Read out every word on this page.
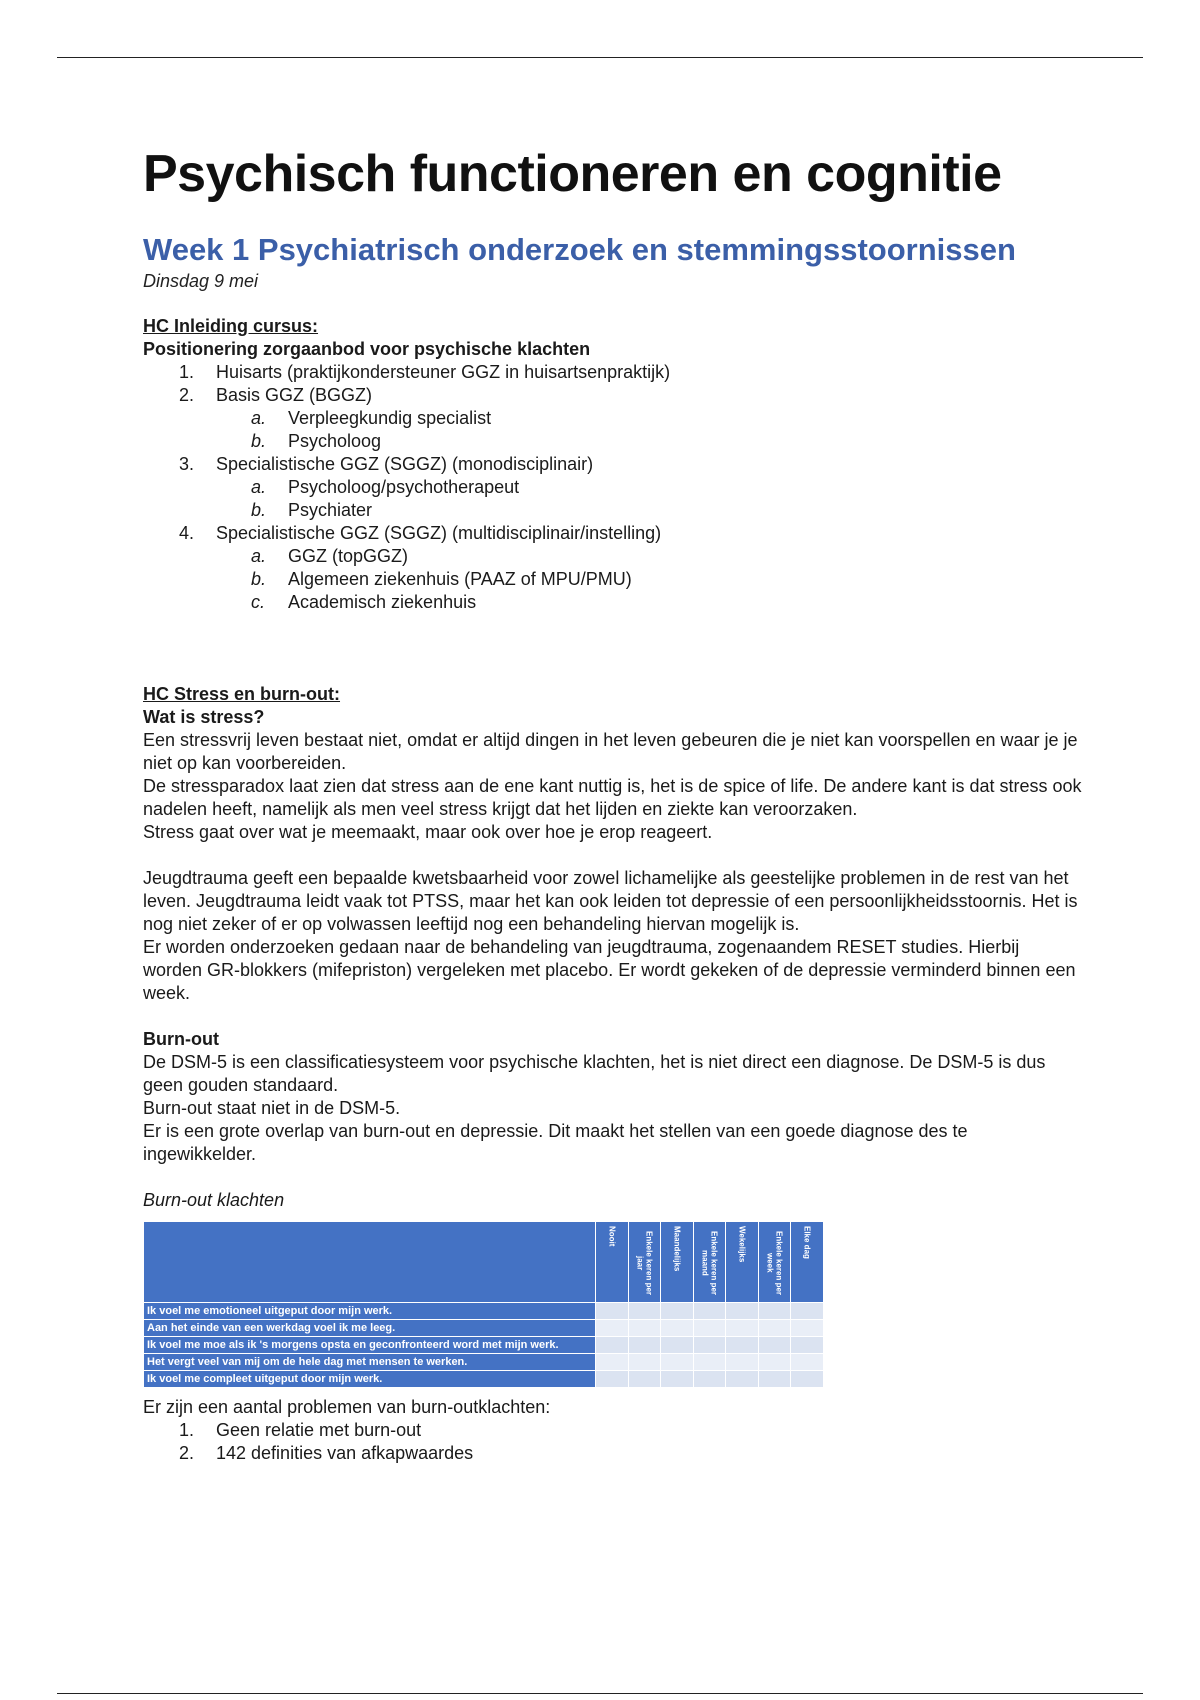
Psychisch functioneren en cognitie
Week 1 Psychiatrisch onderzoek en stemmingsstoornissen

Dinsdag 9 mei

HC Inleiding cursus:

Positionering zorgaanbod voor psychische klachten

1.	Huisarts (praktijkondersteuner GGZ in huisartsenpraktijk)
2.	Basis GGZ (BGGZ)
a. Verpleegkundig specialist
b. Psycholoog
3.	Specialistische GGZ (SGGZ) (monodisciplinair)
a. Psycholoog/psychotherapeut
b. Psychiater
4.	Specialistische GGZ (SGGZ) (multidisciplinair/instelling)
a. GGZ (topGGZ)
b. Algemeen ziekenhuis (PAAZ of MPU/PMU)
c. Academisch ziekenhuis

HC Stress en burn-out:

Wat is stress?

Een stressvrij leven bestaat niet, omdat er altijd dingen in het leven gebeuren die je niet kan voorspellen en waar je je niet op kan voorbereiden.

De stressparadox laat zien dat stress aan de ene kant nuttig is, het is de spice of life. De andere kant is dat stress ook nadelen heeft, namelijk als men veel stress krijgt dat het lijden en ziekte kan veroorzaken.

Stress gaat over wat je meemaakt, maar ook over hoe je erop reageert.

Jeugdtrauma geeft een bepaalde kwetsbaarheid voor zowel lichamelijke als geestelijke problemen in de rest van het leven. Jeugdtrauma leidt vaak tot PTSS, maar het kan ook leiden tot depressie of een persoonlijkheidsstoornis. Het is nog niet zeker of er op volwassen leeftijd nog een behandeling hiervan mogelijk is.

Er worden onderzoeken gedaan naar de behandeling van jeugdtrauma, zogenaandem RESET studies. Hierbij worden GR-blokkers (mifepriston) vergeleken met placebo. Er wordt gekeken of de depressie verminderd binnen een week.

Burn-out

De DSM-5 is een classificatiesysteem voor psychische klachten, het is niet direct een diagnose. De DSM-5 is dus geen gouden standaard.

Burn-out staat niet in de DSM-5.

Er is een grote overlap van burn-out en depressie. Dit maakt het stellen van een goede diagnose des te ingewikkelder.

Burn-out klachten

	Nooit	Enkele keren per jaar	Maandelijks	Enkele keren per maand	Wekelijks	Enkele keren per week	Elke dag

Ik voel me emotioneel uitgeput door mijn werk.							
Aan het einde van een werkdag voel ik me leeg.							
Ik voel me moe als ik 's morgens opsta en geconfronteerd word met mijn werk.							
Het vergt veel van mij om de hele dag met mensen te werken.							
Ik voel me compleet uitgeput door mijn werk.							

Er zijn een aantal problemen van burn-outklachten:

1.	Geen relatie met burn-out
2.	142 definities van afkapwaardes
